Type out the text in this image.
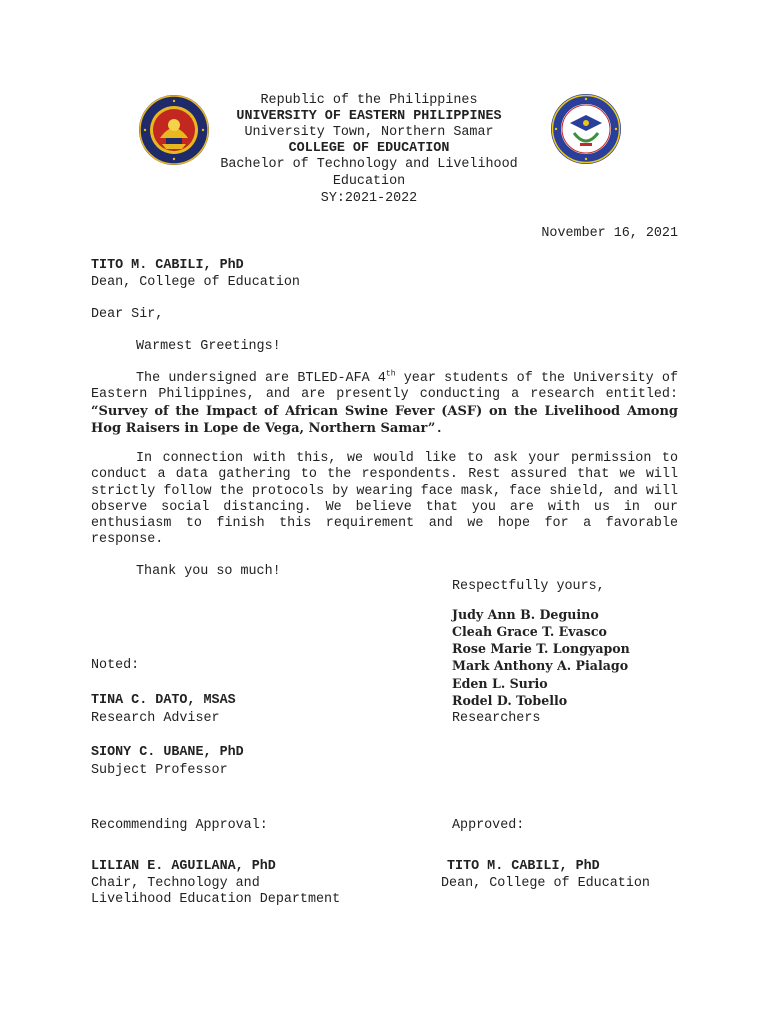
Republic of the Philippines
UNIVERSITY OF EASTERN PHILIPPINES
University Town, Northern Samar
COLLEGE OF EDUCATION
Bachelor of Technology and Livelihood
Education
SY:2021-2022
November 16, 2021
TITO M. CABILI, PhD
Dean, College of Education
Dear Sir,
Warmest Greetings!
The undersigned are BTLED-AFA 4th year students of the University of Eastern Philippines, and are presently conducting a research entitled: “Survey of the Impact of African Swine Fever (ASF) on the Livelihood Among Hog Raisers in Lope de Vega, Northern Samar”.
In connection with this, we would like to ask your permission to conduct a data gathering to the respondents. Rest assured that we will strictly follow the protocols by wearing face mask, face shield, and will observe social distancing. We believe that you are with us in our enthusiasm to finish this requirement and we hope for a favorable response.
Thank you so much!
Respectfully yours,
Judy Ann B. Deguino
Cleah Grace T. Evasco
Rose Marie T. Longyapon
Mark Anthony A. Pialago
Eden L. Surio
Rodel D. Tobello
Researchers
Noted:
TINA C. DATO, MSAS
Research Adviser
SIONY C. UBANE, PhD
Subject Professor
Recommending Approval:	Approved:
LILIAN E. AGUILANA, PhD
Chair, Technology and
Livelihood Education Department
TITO M. CABILI, PhD
Dean, College of Education
